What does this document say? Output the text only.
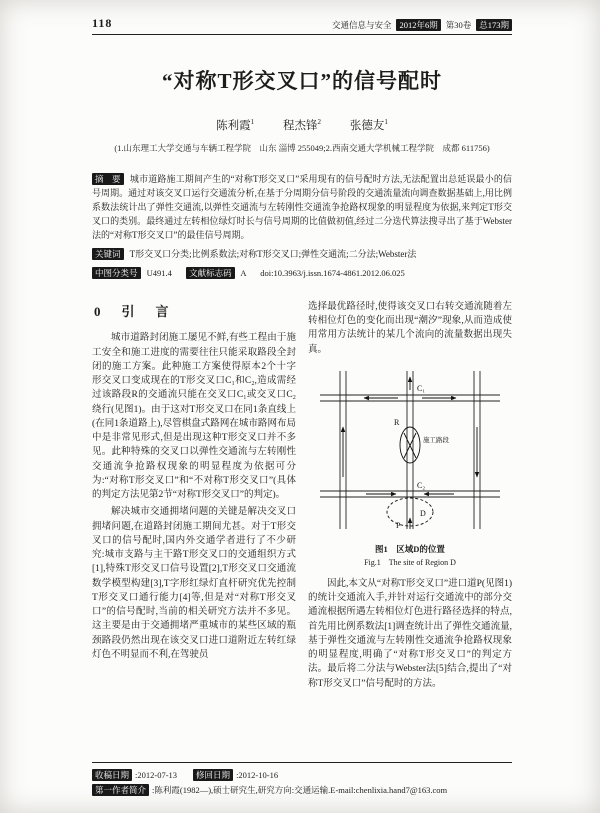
118	交通信息与安全 2012年6期 第30卷 总173期
“对称T形交叉口”的信号配时
陈利霞$^1$	程杰锋$^2$	张德友$^1$
(1.山东理工大学交通与车辆工程学院　山东 淄博 255049;2.西南交通大学机械工程学院　成都 611756)

摘　要 城市道路施工期间产生的“对称T形交叉口”采用现有的信号配时方法,无法配置出总延误最小的信号周期。通过对该交叉口运行交通流分析,在基于分周期分信号阶段的交通流量流向调查数据基础上,用比例系数法统计出了弹性交通流,以弹性交通流与左转刚性交通流争抢路权现象的明显程度为依据,来判定T形交叉口的类别。最终通过左转相位绿灯时长与信号周期的比值做初值,经过二分迭代算法搜寻出了基于Webster法的“对称T形交叉口”的最佳信号周期。

关键词 T形交叉口分类;比例系数法;对称T形交叉口;弹性交通流;二分法;Webster法

中图分类号 U491.4 文献标志码 A doi:10.3963/j.issn.1674-4861.2012.06.025

0　引　言

城市道路封闭施工屡见不鲜,有些工程由于施工安全和施工进度的需要往往只能采取路段全封闭的施工方案。此种施工方案使得原本2个十字形交叉口变成现在的T形交叉口C₁和C₂,造成需经过该路段R的交通流只能在交叉口C₁或交叉口C₂绕行(见图1)。由于这对T形交叉口在同1条直线上(在同1条道路上),尽管棋盘式路网在城市路网布局中是非常见形式,但是出现这种T形交叉口并不多见。此种特殊的交叉口以弹性交通流与左转刚性交通流争抢路权现象的明显程度为依据可分为:“对称T形交叉口”和“不对称T形交叉口”(具体的判定方法见第2节“对称T形交叉口”的判定)。

解决城市交通拥堵问题的关键是解决交叉口拥堵问题,在道路封闭施工期间尤甚。对于T形交叉口的信号配时,国内外交通学者进行了不少研究:城市支路与主干路T形交叉口的交通组织方式[1],特殊T形交叉口信号设置[2],T形交叉口交通流数学模型构建[3],T字形红绿灯直杆研究优先控制T形交叉口通行能力[4]等,但是对“对称T形交叉口”的信号配时,当前的相关研究方法并不多见。这主要是由于交通拥堵严重城市的某些区域的瓶颈路段仍然出现在该交叉口进口道附近左转红绿灯色不明显而不利,在驾驶员

选择最优路径时,使得该交叉口右转交通流随着左转相位灯色的变化而出现“潮汐”现象,从而造成使用常用方法统计的某几个流向的流量数据出现失真。

C₁
C₂
R
P
D
施工路段
图1　区域D的位置
Fig.1　The site of Region D

因此,本文从“对称T形交叉口”进口道P(见图1)的统计交通流入手,并针对运行交通流中的部分交通流根据所遇左转相位灯色进行路径选择的特点,首先用比例系数法[1]调查统计出了弹性交通流量,基于弹性交通流与左转刚性交通流争抢路权现象的明显程度,明确了“对称T形交叉口”的判定方法。最后将二分法与Webster法[5]结合,提出了“对称T形交叉口”信号配时的方法。

收稿日期 :2012-07-13 修回日期 :2012-10-16
第一作者简介 :陈利霞(1982—),硕士研究生,研究方向:交通运输.E-mail:chenlixia.hand7@163.com
